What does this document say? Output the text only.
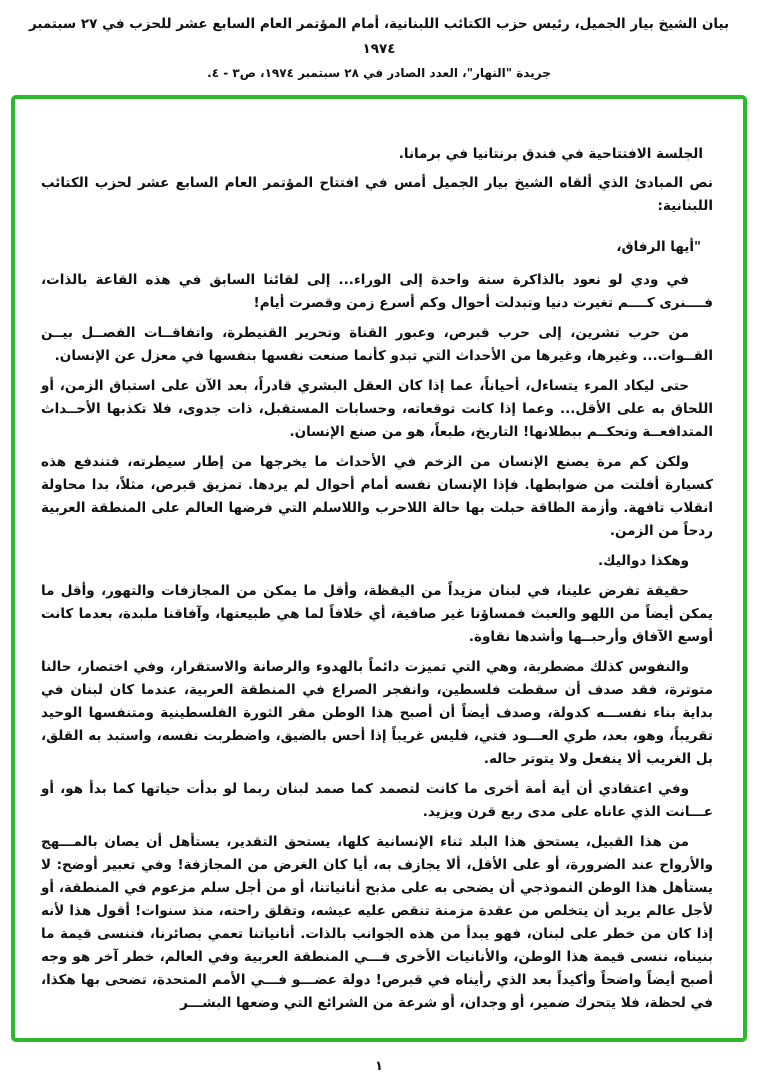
بيان الشيخ بيار الجميل، رئيس حزب الكتائب اللبنانية، أمام المؤتمر العام السابع عشر للحزب في ٢٧ سبتمبر
١٩٧٤
جريدة "النهار"، العدد الصادر في ٢٨ سبتمبر ١٩٧٤، ص٣ - ٤.

الجلسة الافتتاحية في فندق برنتانيا في برمانا.

نص المبادئ الذي ألقاه الشيخ بيار الجميل أمس في افتتاح المؤتمر العام السابع عشر لحزب الكتائب اللبنانية:

"أيها الرفاق،

في ودي لو نعود بالذاكرة سنة واحدة إلى الوراء... إلى لقائنا السابق في هذه القاعة بالذات، فــــنرى كــــم تغيرت دنيا وتبدلت أحوال وكم أسرع زمن وقصرت أيام!

من حرب تشرين، إلى حرب قبرص، وعبور القناة وتحرير القنيطرة، واتفاقــات الفصــل بيــن القــوات... وغيرها، وغيرها من الأحداث التي تبدو كأنما صنعت نفسها بنفسها في معزل عن الإنسان.

حتى ليكاد المرء يتساءل، أحياناً، عما إذا كان العقل البشري قادراً، بعد الآن على استباق الزمن، أو اللحاق به على الأقل... وعما إذا كانت توقعاته، وحسابات المستقبل، ذات جدوى، فلا تكذبها الأحــداث المتدافعــة وتحكــم ببطلانها! التاريخ، طبعاً، هو من صنع الإنسان.

ولكن كم مرة يصنع الإنسان من الزخم في الأحداث ما يخرجها من إطار سيطرته، فتندفع هذه كسيارة أفلتت من ضوابطها. فإذا الإنسان نفسه أمام أحوال لم يردها. تمزيق قبرص، مثلاً، بدا محاولة انقلاب تافهة. وأزمة الطاقة حبلت بها حالة اللاحرب واللاسلم التي فرضها العالم على المنطقة العربية ردحاً من الزمن.

وهكذا دواليك.

حقيقة تفرض علينا، في لبنان مزيداً من اليقظة، وأقل ما يمكن من المجازفات والتهور، وأقل ما يمكن أيضاً من اللهو والعبث فمساؤنا غير صافية، أي خلافاً لما هي طبيعتها، وآفاقنا ملبدة، بعدما كانت أوسع الآفاق وأرحبــها وأشدها نقاوة.

والنفوس كذلك مضطربة، وهي التي تميزت دائماً بالهدوء والرصانة والاستقرار، وفي اختصار، حالنا متوترة، فقد صدف أن سقطت فلسطين، وانفجر الصراع في المنطقة العربية، عندما كان لبنان في بداية بناء نفســـه كدولة، وصدف أيضاً أن أصبح هذا الوطن مقر الثورة الفلسطينية ومتنفسها الوحيد تقريباً، وهو، بعد، طري العـــود فتي، فليس غريباً إذا أحس بالضيق، واضطربت نفسه، واستبد به القلق، بل الغريب ألا ينفعل ولا يتوتر حاله.

وفي اعتقادي أن أية أمة أخرى ما كانت لتصمد كما صمد لبنان ربما لو بدأت حياتها كما بدأ هو، أو عـــانت الذي عاناه على مدى ربع قرن ويزيد.

من هذا القبيل، يستحق هذا البلد ثناء الإنسانية كلها، يستحق التقدير، يستأهل أن يصان بالمـــهج والأرواح عند الضرورة، أو على الأقل، ألا يجازف به، أيا كان الغرض من المجازفة! وفي تعبير أوضح: لا يستأهل هذا الوطن النموذجي أن يضحى به على مذبح أنانياتنا، أو من أجل سلم مزعوم في المنطقة، أو لأجل عالم يريد أن يتخلص من عقدة مزمنة تنقص عليه عيشه، وتقلق راحته، منذ سنوات! أقول هذا لأنه إذا كان من خطر على لبنان، فهو يبدأ من هذه الجوانب بالذات. أنانياتنا تعمي بصائرنا، فننسى قيمة ما بنيناه، ننسى قيمة هذا الوطن، والأنانيات الأخرى فـــي المنطقة العربية وفي العالم، خطر آخر هو وجه أصبح أيضاً واضحاً وأكيداً بعد الذي رأيناه في قبرص! دولة عضـــو فـــي الأمم المتحدة، تضحى بها هكذا، في لحظة، فلا يتحرك ضمير، أو وجدان، أو شرعة من الشرائع التي وضعها البشـــر

١
